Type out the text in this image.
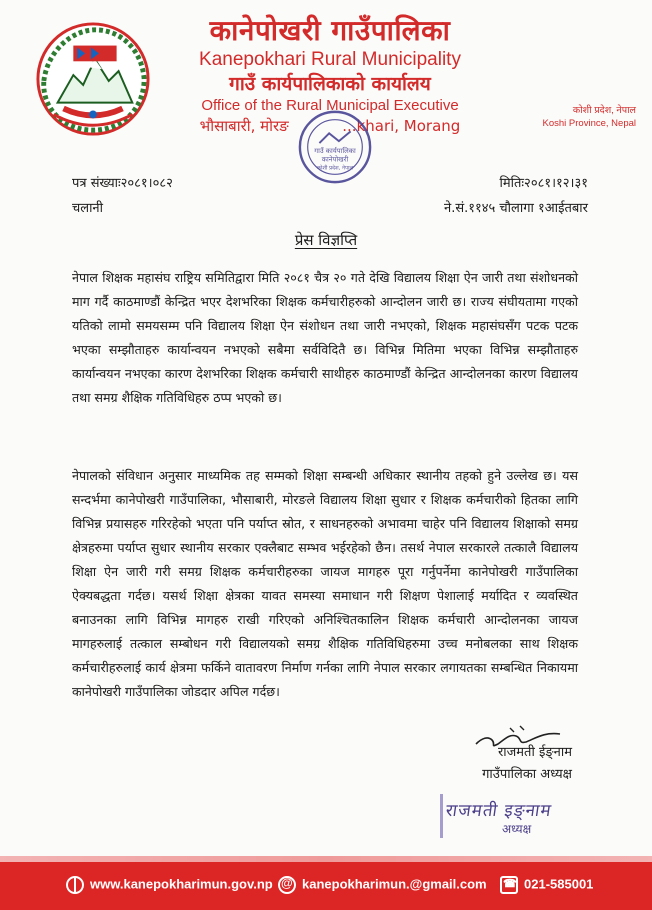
कानेपोखरी गाउँपालिका
Kanepokhari Rural Municipality
गाउँ कार्यपालिकाको कार्यालय
Office of the Rural Municipal Executive
भौसाबारी, मोरङ	...khari, Morang
कोशी प्रदेश, नेपाल
Koshi Province, Nepal
गाउँ कार्यपालिका
कानेपोखरी
कोशी प्रदेश, नेपाल
पत्र संख्याः२०८१।०८२	मितिः२०८१।१२।३१
चलानी	ने.सं.११४५ चौलागा १आईतबार
प्रेस विज्ञप्ति
नेपाल शिक्षक महासंघ राष्ट्रिय समितिद्वारा मिति २०८१ चैत्र २० गते देखि विद्यालय शिक्षा ऐन जारी तथा संशोधनको माग गर्दै काठमाण्डौं केन्द्रित भएर देशभरिका शिक्षक कर्मचारीहरुको आन्दोलन जारी छ। राज्य संघीयतामा गएको यतिको लामो समयसम्म पनि विद्यालय शिक्षा ऐन संशोधन तथा जारी नभएको, शिक्षक महासंघसँग पटक पटक भएका सम्झौताहरु कार्यान्वयन नभएको सबैमा सर्वविदितै छ। विभिन्न मितिमा भएका विभिन्न सम्झौताहरु कार्यान्वयन नभएका कारण देशभरिका शिक्षक कर्मचारी साथीहरु काठमाण्डौं केन्द्रित आन्दोलनका कारण विद्यालय तथा समग्र शैक्षिक गतिविधिहरु ठप्प भएको छ।
नेपालको संविधान अनुसार माध्यमिक तह सम्मको शिक्षा सम्बन्धी अधिकार स्थानीय तहको हुने उल्लेख छ। यस सन्दर्भमा कानेपोखरी गाउँपालिका, भौसाबारी, मोरङले विद्यालय शिक्षा सुधार र शिक्षक कर्मचारीको हितका लागि विभिन्न प्रयासहरु गरिरहेको भएता पनि पर्याप्त स्रोत, र साधनहरुको अभावमा चाहेर पनि विद्यालय शिक्षाको समग्र क्षेत्रहरुमा पर्याप्त सुधार स्थानीय सरकार एक्लैबाट सम्भव भईरहेको छैन। तसर्थ नेपाल सरकारले तत्कालै विद्यालय शिक्षा ऐन जारी गरी समग्र शिक्षक कर्मचारीहरुका जायज मागहरु पूरा गर्नुपर्नेमा कानेपोखरी गाउँपालिका ऐक्यबद्धता गर्दछ। यसर्थ शिक्षा क्षेत्रका यावत समस्या समाधान गरी शिक्षण पेशालाई मर्यादित र व्यवस्थित बनाउनका लागि विभिन्न मागहरु राखी गरिएको अनिश्चितकालिन शिक्षक कर्मचारी आन्दोलनका जायज मागहरुलाई तत्काल सम्बोधन गरी विद्यालयको समग्र शैक्षिक गतिविधिहरुमा उच्च मनोबलका साथ शिक्षक कर्मचारीहरुलाई कार्य क्षेत्रमा फर्किने वातावरण निर्माण गर्नका लागि नेपाल सरकार लगायतका सम्बन्धित निकायमा कानेपोखरी गाउँपालिका जोडदार अपिल गर्दछ।
राजमती ईङ्नाम
गाउँपालिका अध्यक्ष
राजमती इङ्नाम
अध्यक्ष
www.kanepokharimun.gov.np @	kanepokharimun.@gmail.com ☎	021-585001
